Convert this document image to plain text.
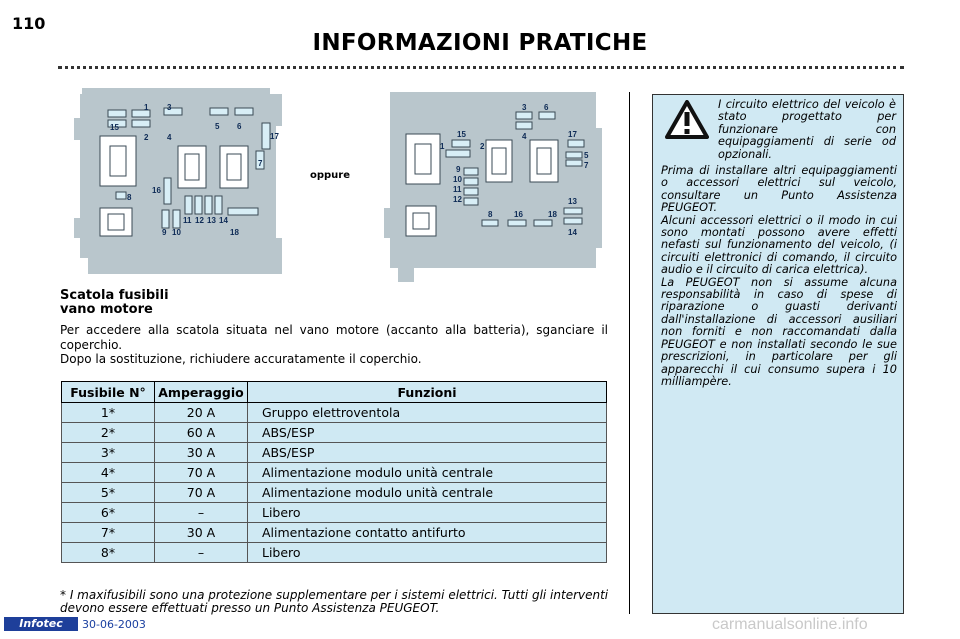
110
INFORMAZIONI PRATICHE
1 3
15
2 4
5 6
17
7
16
8
11 12 13 14
9 10	18
oppure
3 6
15	4	17
2
1
5
7
9
10
11
12	13
8	16	18
14
Scatola fusibili
vano motore
Per accedere alla scatola situata nel vano motore (accanto alla batteria), sganciare il coperchio.
Dopo la sostituzione, richiudere accuratamente il coperchio.
Fusibile N°	Amperaggio	Funzioni
1*	20 A	Gruppo elettroventola
2*	60 A	ABS/ESP
3*	30 A	ABS/ESP
4*	70 A	Alimentazione modulo unità centrale
5*	70 A	Alimentazione modulo unità centrale
6*	–	Libero
7*	30 A	Alimentazione contatto antifurto
8*	–	Libero
* I maxifusibili sono una protezione supplementare per i sistemi elettrici. Tutti gli interventi devono essere effettuati presso un Punto Assistenza PEUGEOT.
I circuito elettrico del veicolo è stato progettato per funzionare con equipaggiamenti di serie od opzionali.

Prima di installare altri equipaggiamenti o accessori elettrici sul veicolo, consultare un Punto Assistenza PEUGEOT.

Alcuni accessori elettrici o il modo in cui sono montati possono avere effetti nefasti sul funzionamento del veicolo, (i circuiti elettronici di comando, il circuito audio e il circuito di carica elettrica).

La PEUGEOT non si assume alcuna responsabilità in caso di spese di riparazione o guasti derivanti dall'installazione di accessori ausiliari non forniti e non raccomandati dalla PEUGEOT e non installati secondo le sue prescrizioni, in particolare per gli apparecchi il cui consumo supera i 10 milliampère.

Infotec	30-06-2003	carmanualsonline.info
